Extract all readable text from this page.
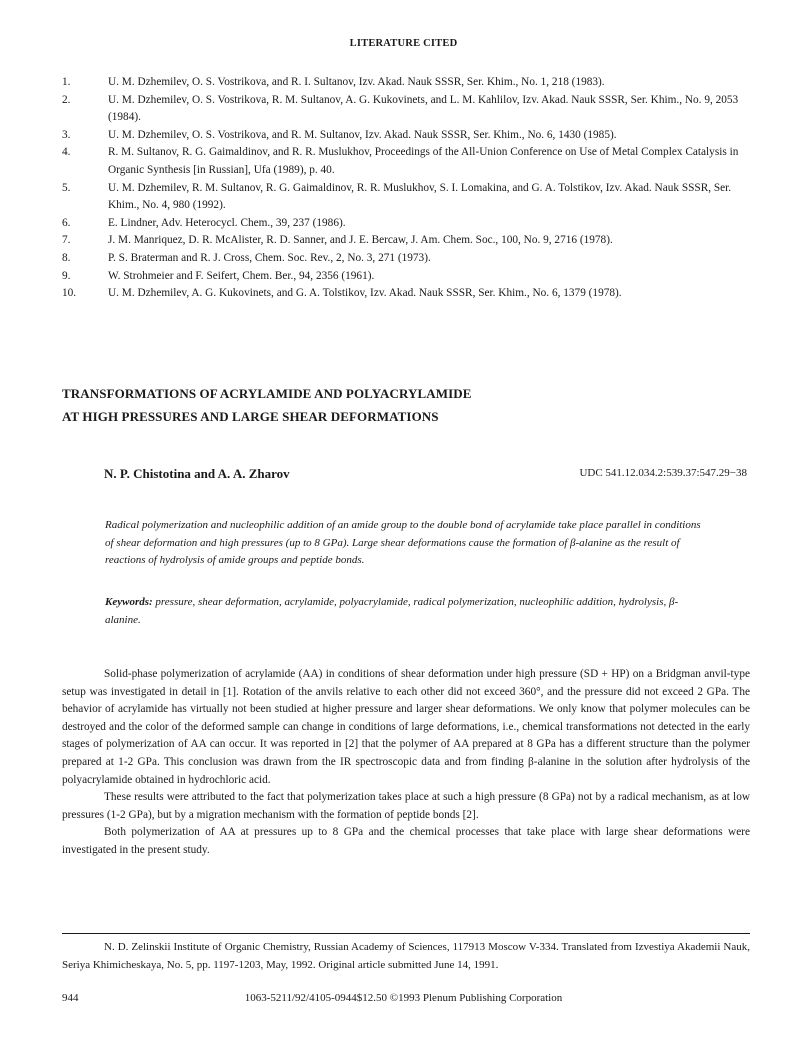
LITERATURE CITED
1.	U. M. Dzhemilev, O. S. Vostrikova, and R. I. Sultanov, Izv. Akad. Nauk SSSR, Ser. Khim., No. 1, 218 (1983).
2.	U. M. Dzhemilev, O. S. Vostrikova, R. M. Sultanov, A. G. Kukovinets, and L. M. Kahlilov, Izv. Akad. Nauk SSSR, Ser. Khim., No. 9, 2053 (1984).
3.	U. M. Dzhemilev, O. S. Vostrikova, and R. M. Sultanov, Izv. Akad. Nauk SSSR, Ser. Khim., No. 6, 1430 (1985).
4.	R. M. Sultanov, R. G. Gaimaldinov, and R. R. Muslukhov, Proceedings of the All-Union Conference on Use of Metal Complex Catalysis in Organic Synthesis [in Russian], Ufa (1989), p. 40.
5.	U. M. Dzhemilev, R. M. Sultanov, R. G. Gaimaldinov, R. R. Muslukhov, S. I. Lomakina, and G. A. Tolstikov, Izv. Akad. Nauk SSSR, Ser. Khim., No. 4, 980 (1992).
6.	E. Lindner, Adv. Heterocycl. Chem., 39, 237 (1986).
7.	J. M. Manriquez, D. R. McAlister, R. D. Sanner, and J. E. Bercaw, J. Am. Chem. Soc., 100, No. 9, 2716 (1978).
8.	P. S. Braterman and R. J. Cross, Chem. Soc. Rev., 2, No. 3, 271 (1973).
9.	W. Strohmeier and F. Seifert, Chem. Ber., 94, 2356 (1961).
10.	U. M. Dzhemilev, A. G. Kukovinets, and G. A. Tolstikov, Izv. Akad. Nauk SSSR, Ser. Khim., No. 6, 1379 (1978).
TRANSFORMATIONS OF ACRYLAMIDE AND POLYACRYLAMIDE
AT HIGH PRESSURES AND LARGE SHEAR DEFORMATIONS
N. P. Chistotina and A. A. Zharov	UDC 541.12.034.2:539.37:547.29−38
Radical polymerization and nucleophilic addition of an amide group to the double bond of acrylamide take place parallel in conditions of shear deformation and high pressures (up to 8 GPa). Large shear deformations cause the formation of β-alanine as the result of reactions of hydrolysis of amide groups and peptide bonds.
Keywords: pressure, shear deformation, acrylamide, polyacrylamide, radical polymerization, nucleophilic addition, hydrolysis, β-alanine.

Solid-phase polymerization of acrylamide (AA) in conditions of shear deformation under high pressure (SD + HP) on a Bridgman anvil-type setup was investigated in detail in [1]. Rotation of the anvils relative to each other did not exceed 360°, and the pressure did not exceed 2 GPa. The behavior of acrylamide has virtually not been studied at higher pressure and larger shear deformations. We only know that polymer molecules can be destroyed and the color of the deformed sample can change in conditions of large deformations, i.e., chemical transformations not detected in the early stages of polymerization of AA can occur. It was reported in [2] that the polymer of AA prepared at 8 GPa has a different structure than the polymer prepared at 1-2 GPa. This conclusion was drawn from the IR spectroscopic data and from finding β-alanine in the solution after hydrolysis of the polyacrylamide obtained in hydrochloric acid.

These results were attributed to the fact that polymerization takes place at such a high pressure (8 GPa) not by a radical mechanism, as at low pressures (1-2 GPa), but by a migration mechanism with the formation of peptide bonds [2].

Both polymerization of AA at pressures up to 8 GPa and the chemical processes that take place with large shear deformations were investigated in the present study.

N. D. Zelinskii Institute of Organic Chemistry, Russian Academy of Sciences, 117913 Moscow V-334. Translated from Izvestiya Akademii Nauk, Seriya Khimicheskaya, No. 5, pp. 1197-1203, May, 1992. Original article submitted June 14, 1991.

944	1063-5211/92/4105-0944$12.50 ©1993 Plenum Publishing Corporation
